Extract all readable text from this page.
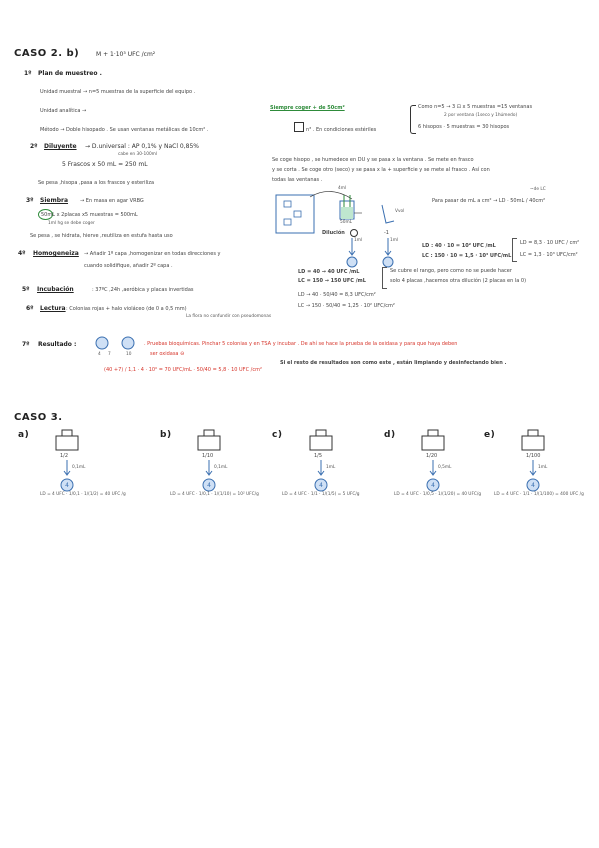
CASO 2. b)	M + 1·10³ UFC /cm²
1º Plan de muestreo .
Unidad muestral → n=5 muestras de la superficie del equipo .
Unidad analítica →	Siempre coger + de 50cm²
Método → Doble hisopado . Se usan ventanas metálicas de 10cm² .	n³ . En condiciones estériles
Como n=5 → 3 ⊡ x 5 muestras =15 ventanas
2 por ventana (1seco y 1húmedo)
6 hisopos · 5 muestras = 30 hisopos
2º Diluyente → D.universal : AP 0,1% y NaCl 0,85%
cabe en 30-100ml
5 Frascos x 50 mL = 250 mL
Se pesa ,hisopa ,pasa a los frascos y esteriliza
Se coge hisopo , se humedece en DU y se pasa x la ventana . Se mete en frasco
y se corta . Se coge otro (seco) y se pasa x la + superficie y se mete al frasco . Así con
todas las ventanas .
3º Siembra → En masa en agar VRBG
50mL x 2placas x5 muestras = 500mL
1ml hg se debe coger
Se pesa , se hidrata, hierve ,reutiliza en estufa hasta uso
4º Homogeneiza → Añadir 1º capa ,homogenizar en todas direcciones y
cuando solidifique, añadir 2º capa .
5º Incubación	: 37ºC ,24h ,aeróbica y placas invertidas
6º Lectura : Colonias rojas + halo violáceo (de 0 a 0,5 mm)
La flora no confundir con pseudomonas
4ml
50mL
Vvol
Dilución	-1
1ml	1ml
Para pasar de mL a cm² → LD · 50mL / 40cm²
~de LC
LD : 40 · 10 = 10² UFC /mL
LC : 150 · 10 = 1,5 · 10³ UFC/mL
LD = 8,3 · 10 UFC / cm²
LC = 1,3 · 10³ UFC/cm²
LD = 40 → 40 UFC /mL
LC = 150 → 150 UFC /mL
Se cubre el rango, pero como no se puede hacer
solo 4 placas ,hacemos otra dilución (2 placas en la 0)
LD → 40 · 50/40 = 8,3 UFC/cm²
LC → 150 · 50/40 = 1,25 · 10² UFC/cm²
7º Resultado :
4 7	10
. Pruebas bioquímicas. Pinchar 5 colonias y en TSA y incubar . De ahí se hace la prueba de la oxidasa y para que haya deben
ser oxidasa ⊖
(40 +7) / 1,1 · 4 · 10⁰ = 70 UFC/mL · 50/40 = 5,8 · 10 UFC /cm²
Si el resto de resultados son como este , están limpiando y desinfectando bien .
CASO 3.
a)
4
1/2
0,1mL
LD = 4 UFC · 1/0,1 · 1/(1/2) = 40 UFC /g
b)
4
1/10
0,1mL
LD = 4 UFC · 1/0,1 · 1/(1/10) = 10² UFC/g
c)
4
1/5
1mL
LD = 4 UFC · 1/1 · 1/(1/5) = 5 UFC/g
d)
4
1/20
0,5mL
LD = 4 UFC · 1/0,5 · 1/(1/20) = 40 UFC/g
e)
4
1/100
1mL
LD = 4 UFC · 1/1 · 1/(1/100) = 400 UFC /g
